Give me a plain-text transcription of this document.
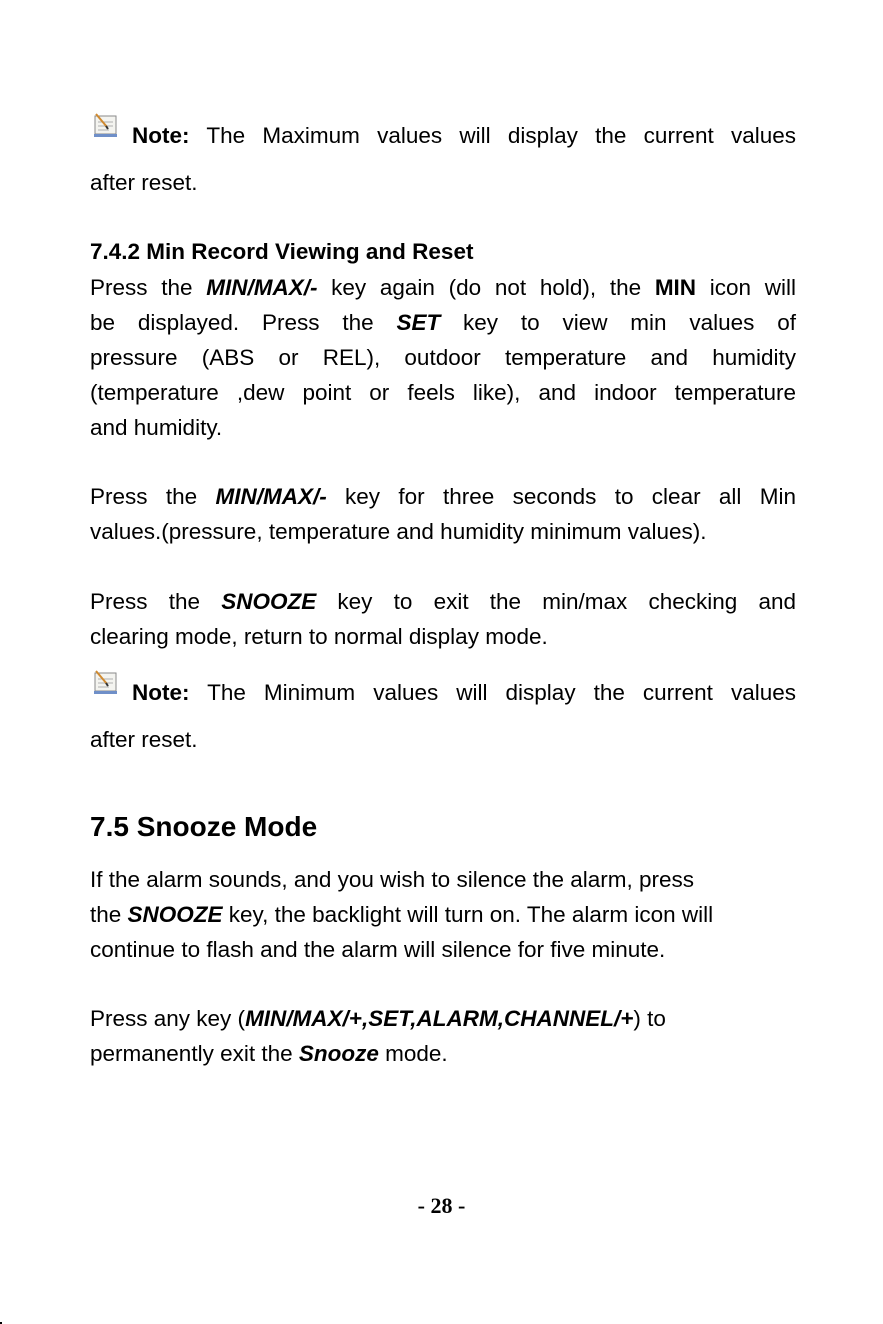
Note: The Maximum values will display the current values
after reset.
7.4.2 Min Record Viewing and Reset
Press the MIN/MAX/- key again (do not hold), the MIN icon will
be displayed. Press the SET key to view min values of
pressure (ABS or REL), outdoor temperature and humidity
(temperature ,dew point or feels like), and indoor temperature
and humidity.
Press the MIN/MAX/- key for three seconds to clear all Min
values.(pressure, temperature and humidity minimum values).
Press the SNOOZE key to exit the min/max checking and
clearing mode, return to normal display mode.
Note: The Minimum values will display the current values
after reset.
7.5 Snooze Mode
If the alarm sounds, and you wish to silence the alarm, press
the SNOOZE key, the backlight will turn on. The alarm icon will
continue to flash and the alarm will silence for five minute.
Press any key (MIN/MAX/+,SET,ALARM,CHANNEL/+) to
permanently exit the Snooze mode.
- 28 -
